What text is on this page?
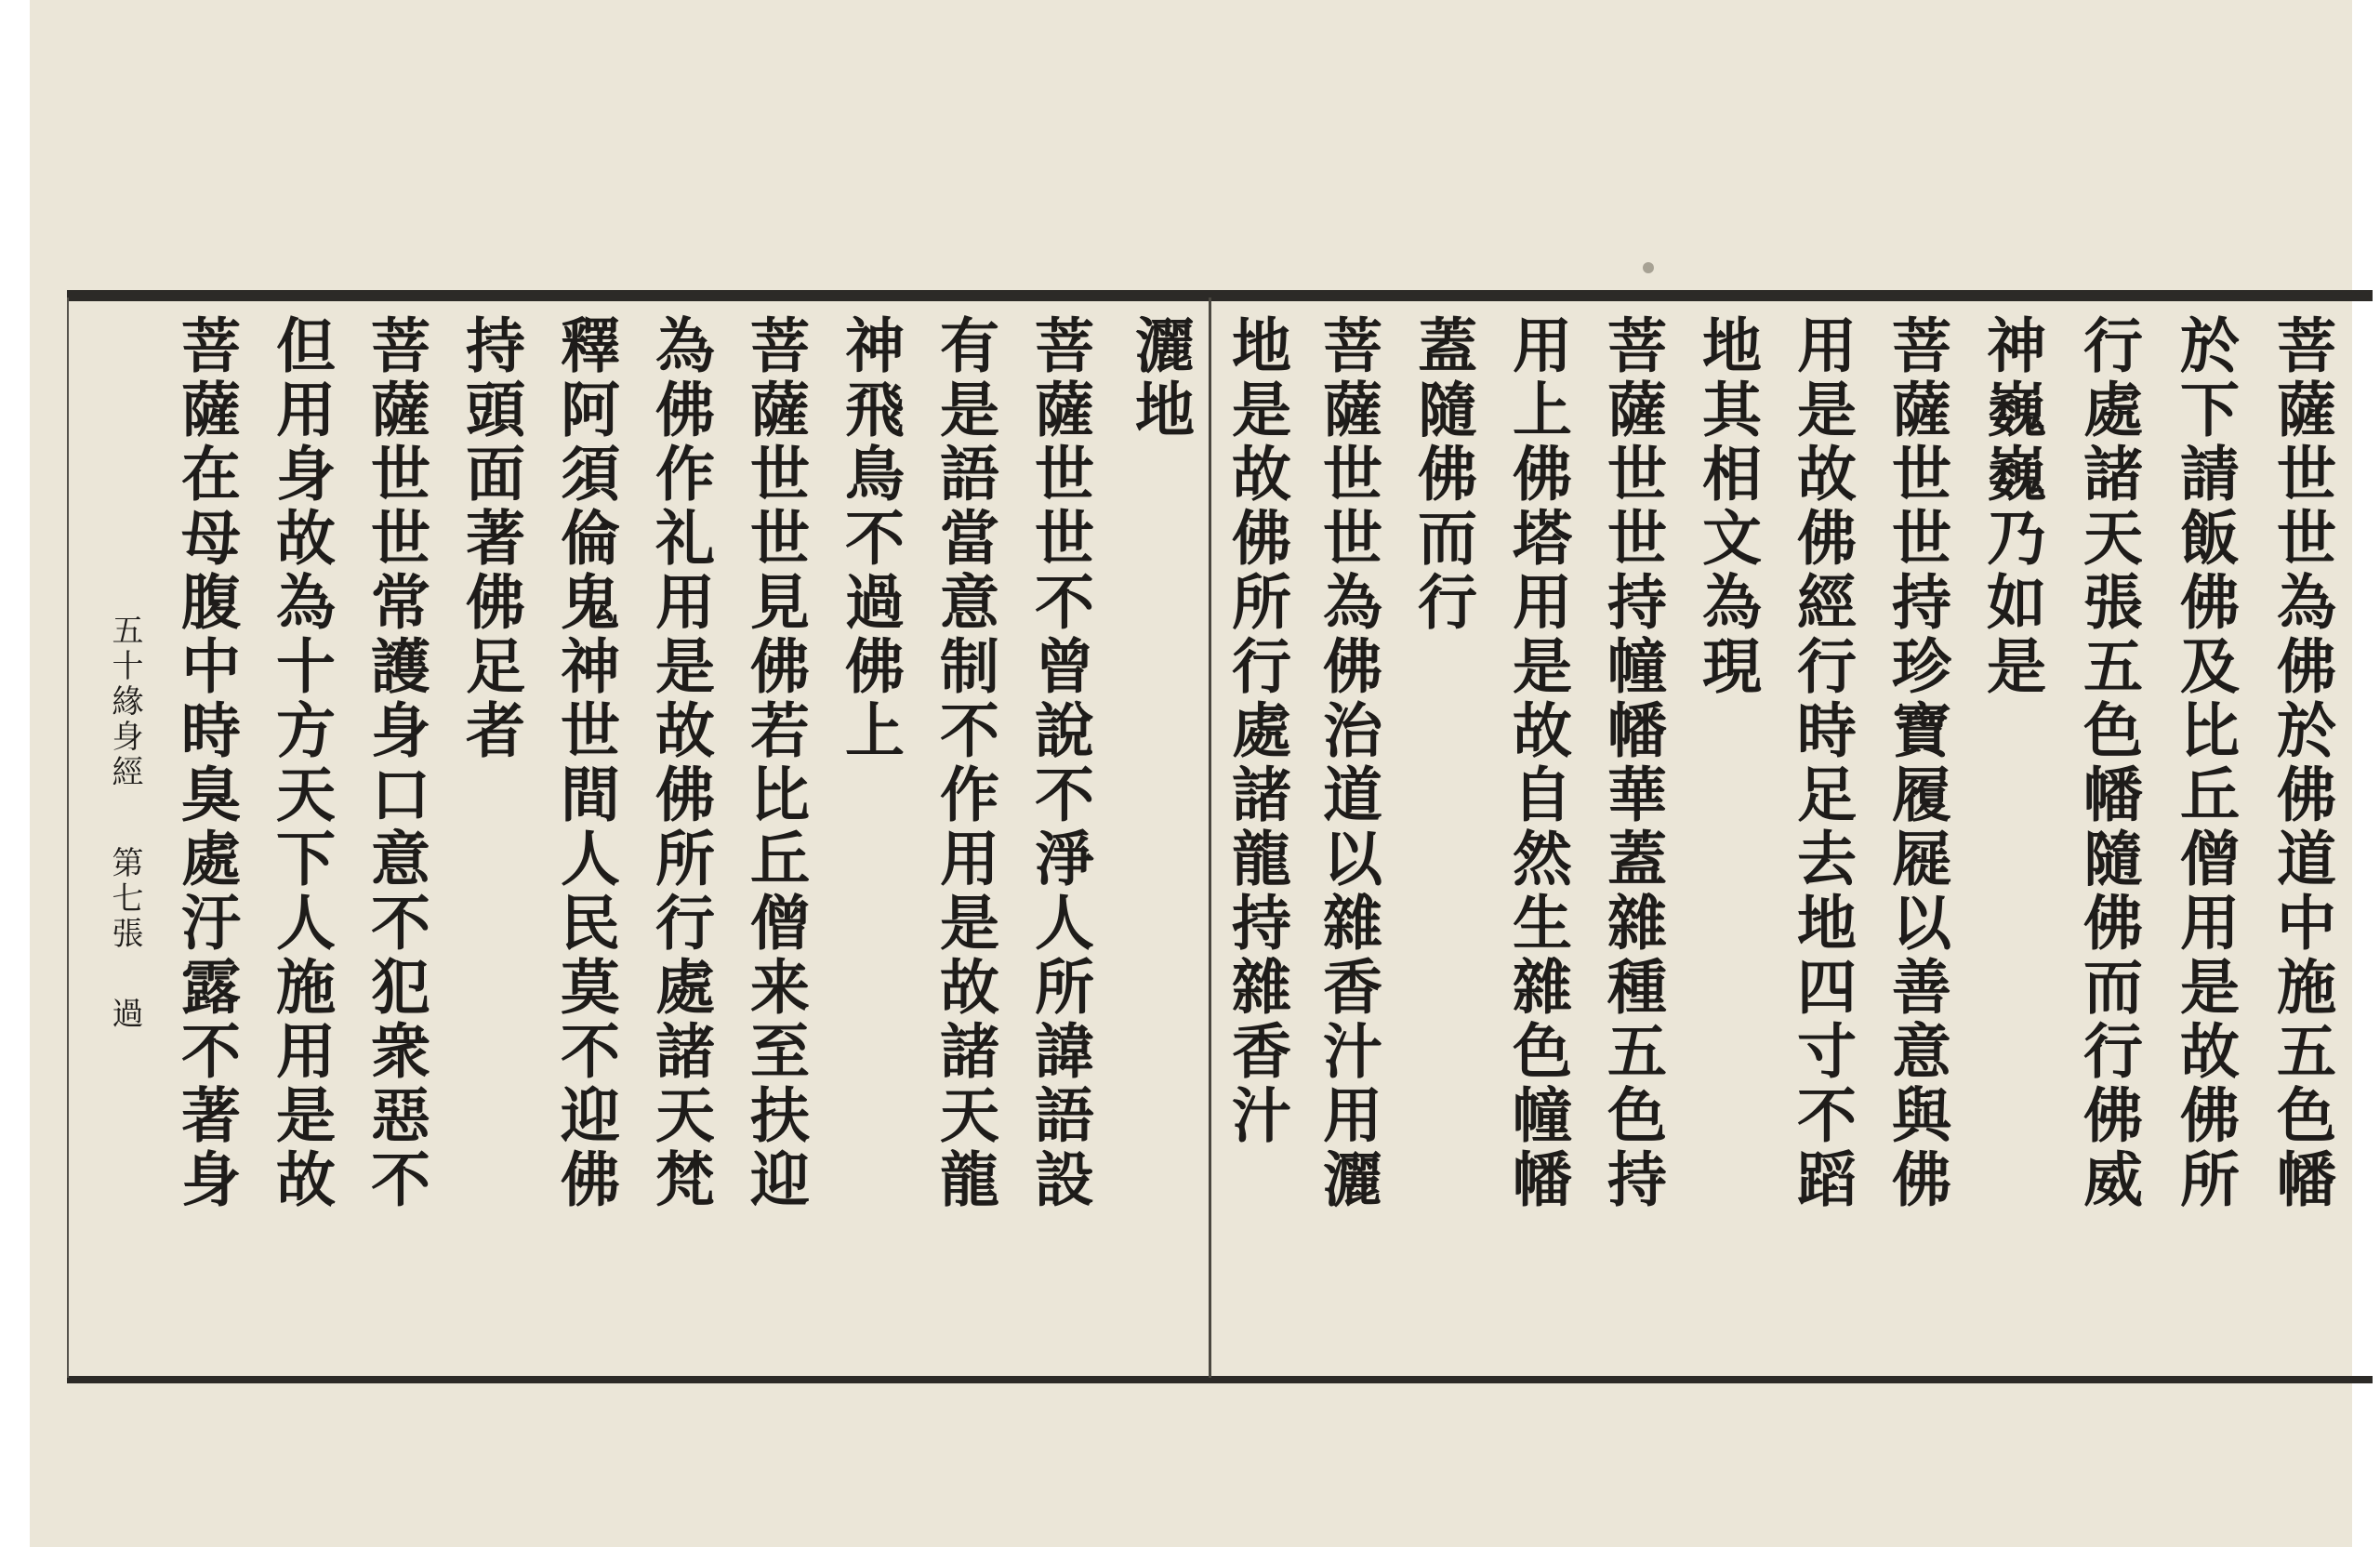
菩薩世世為佛於佛道中施五色幡
於下請飯佛及比丘僧用是故佛所
行處諸天張五色幡隨佛而行佛威
神巍巍乃如是
菩薩世世持珍寶履屣以善意與佛
用是故佛經行時足去地四寸不蹈
地其相文為現
菩薩世世持幢幡華蓋雜種五色持
用上佛塔用是故自然生雜色幢幡
蓋隨佛而行
菩薩世世為佛治道以雜香汁用灑
地是故佛所行處諸龍持雜香汁
灑地
菩薩世世不曾說不淨人所諱語設
有是語當意制不作用是故諸天龍
神飛鳥不過佛上
菩薩世世見佛若比丘僧来至扶迎
為佛作礼用是故佛所行處諸天梵
釋阿須倫鬼神世間人民莫不迎佛
持頭面著佛足者
菩薩世世常護身口意不犯衆惡不
但用身故為十方天下人施用是故
菩薩在母腹中時臭處汙露不著身
五十緣身經
第七張
過
